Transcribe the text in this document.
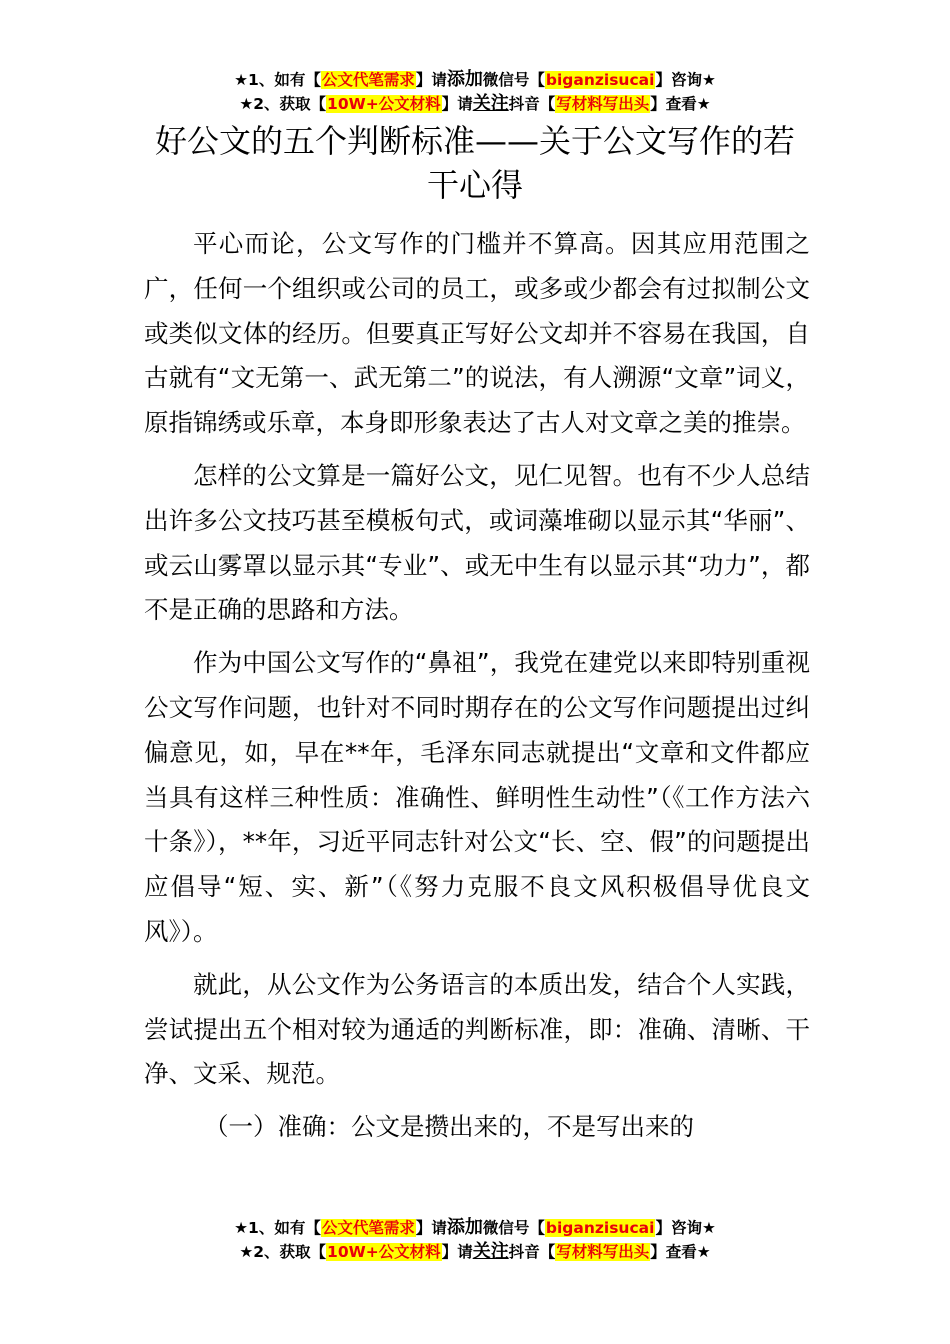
★1、如有【公文代笔需求】请添加微信号【biganzisucai】咨询★
★2、获取【10W+公文材料】请关注抖音【写材料写出头】查看★
好公文的五个判断标准——关于公文写作的若干心得

平心而论，公文写作的门槛并不算高。因其应用范围之广，任何一个组织或公司的员工，或多或少都会有过拟制公文或类似文体的经历。但要真正写好公文却并不容易在我国，自古就有“文无第一、武无第二”的说法，有人溯源“文章”词义，原指锦绣或乐章，本身即形象表达了古人对文章之美的推崇。

怎样的公文算是一篇好公文，见仁见智。也有不少人总结出许多公文技巧甚至模板句式，或词藻堆砌以显示其“华丽”、或云山雾罩以显示其“专业”、或无中生有以显示其“功力”，都不是正确的思路和方法。

作为中国公文写作的“鼻祖”，我党在建党以来即特别重视公文写作问题，也针对不同时期存在的公文写作问题提出过纠偏意见，如，早在**年，毛泽东同志就提出“文章和文件都应当具有这样三种性质：准确性、鲜明性生动性”（《工作方法六十条》），**年，习近平同志针对公文“长、空、假”的问题提出应倡导“短、实、新”（《努力克服不良文风积极倡导优良文风》）。

就此，从公文作为公务语言的本质出发，结合个人实践，尝试提出五个相对较为通适的判断标准，即：准确、清晰、干净、文采、规范。

（一）准确：公文是攒出来的，不是写出来的

★1、如有【公文代笔需求】请添加微信号【biganzisucai】咨询★
★2、获取【10W+公文材料】请关注抖音【写材料写出头】查看★
